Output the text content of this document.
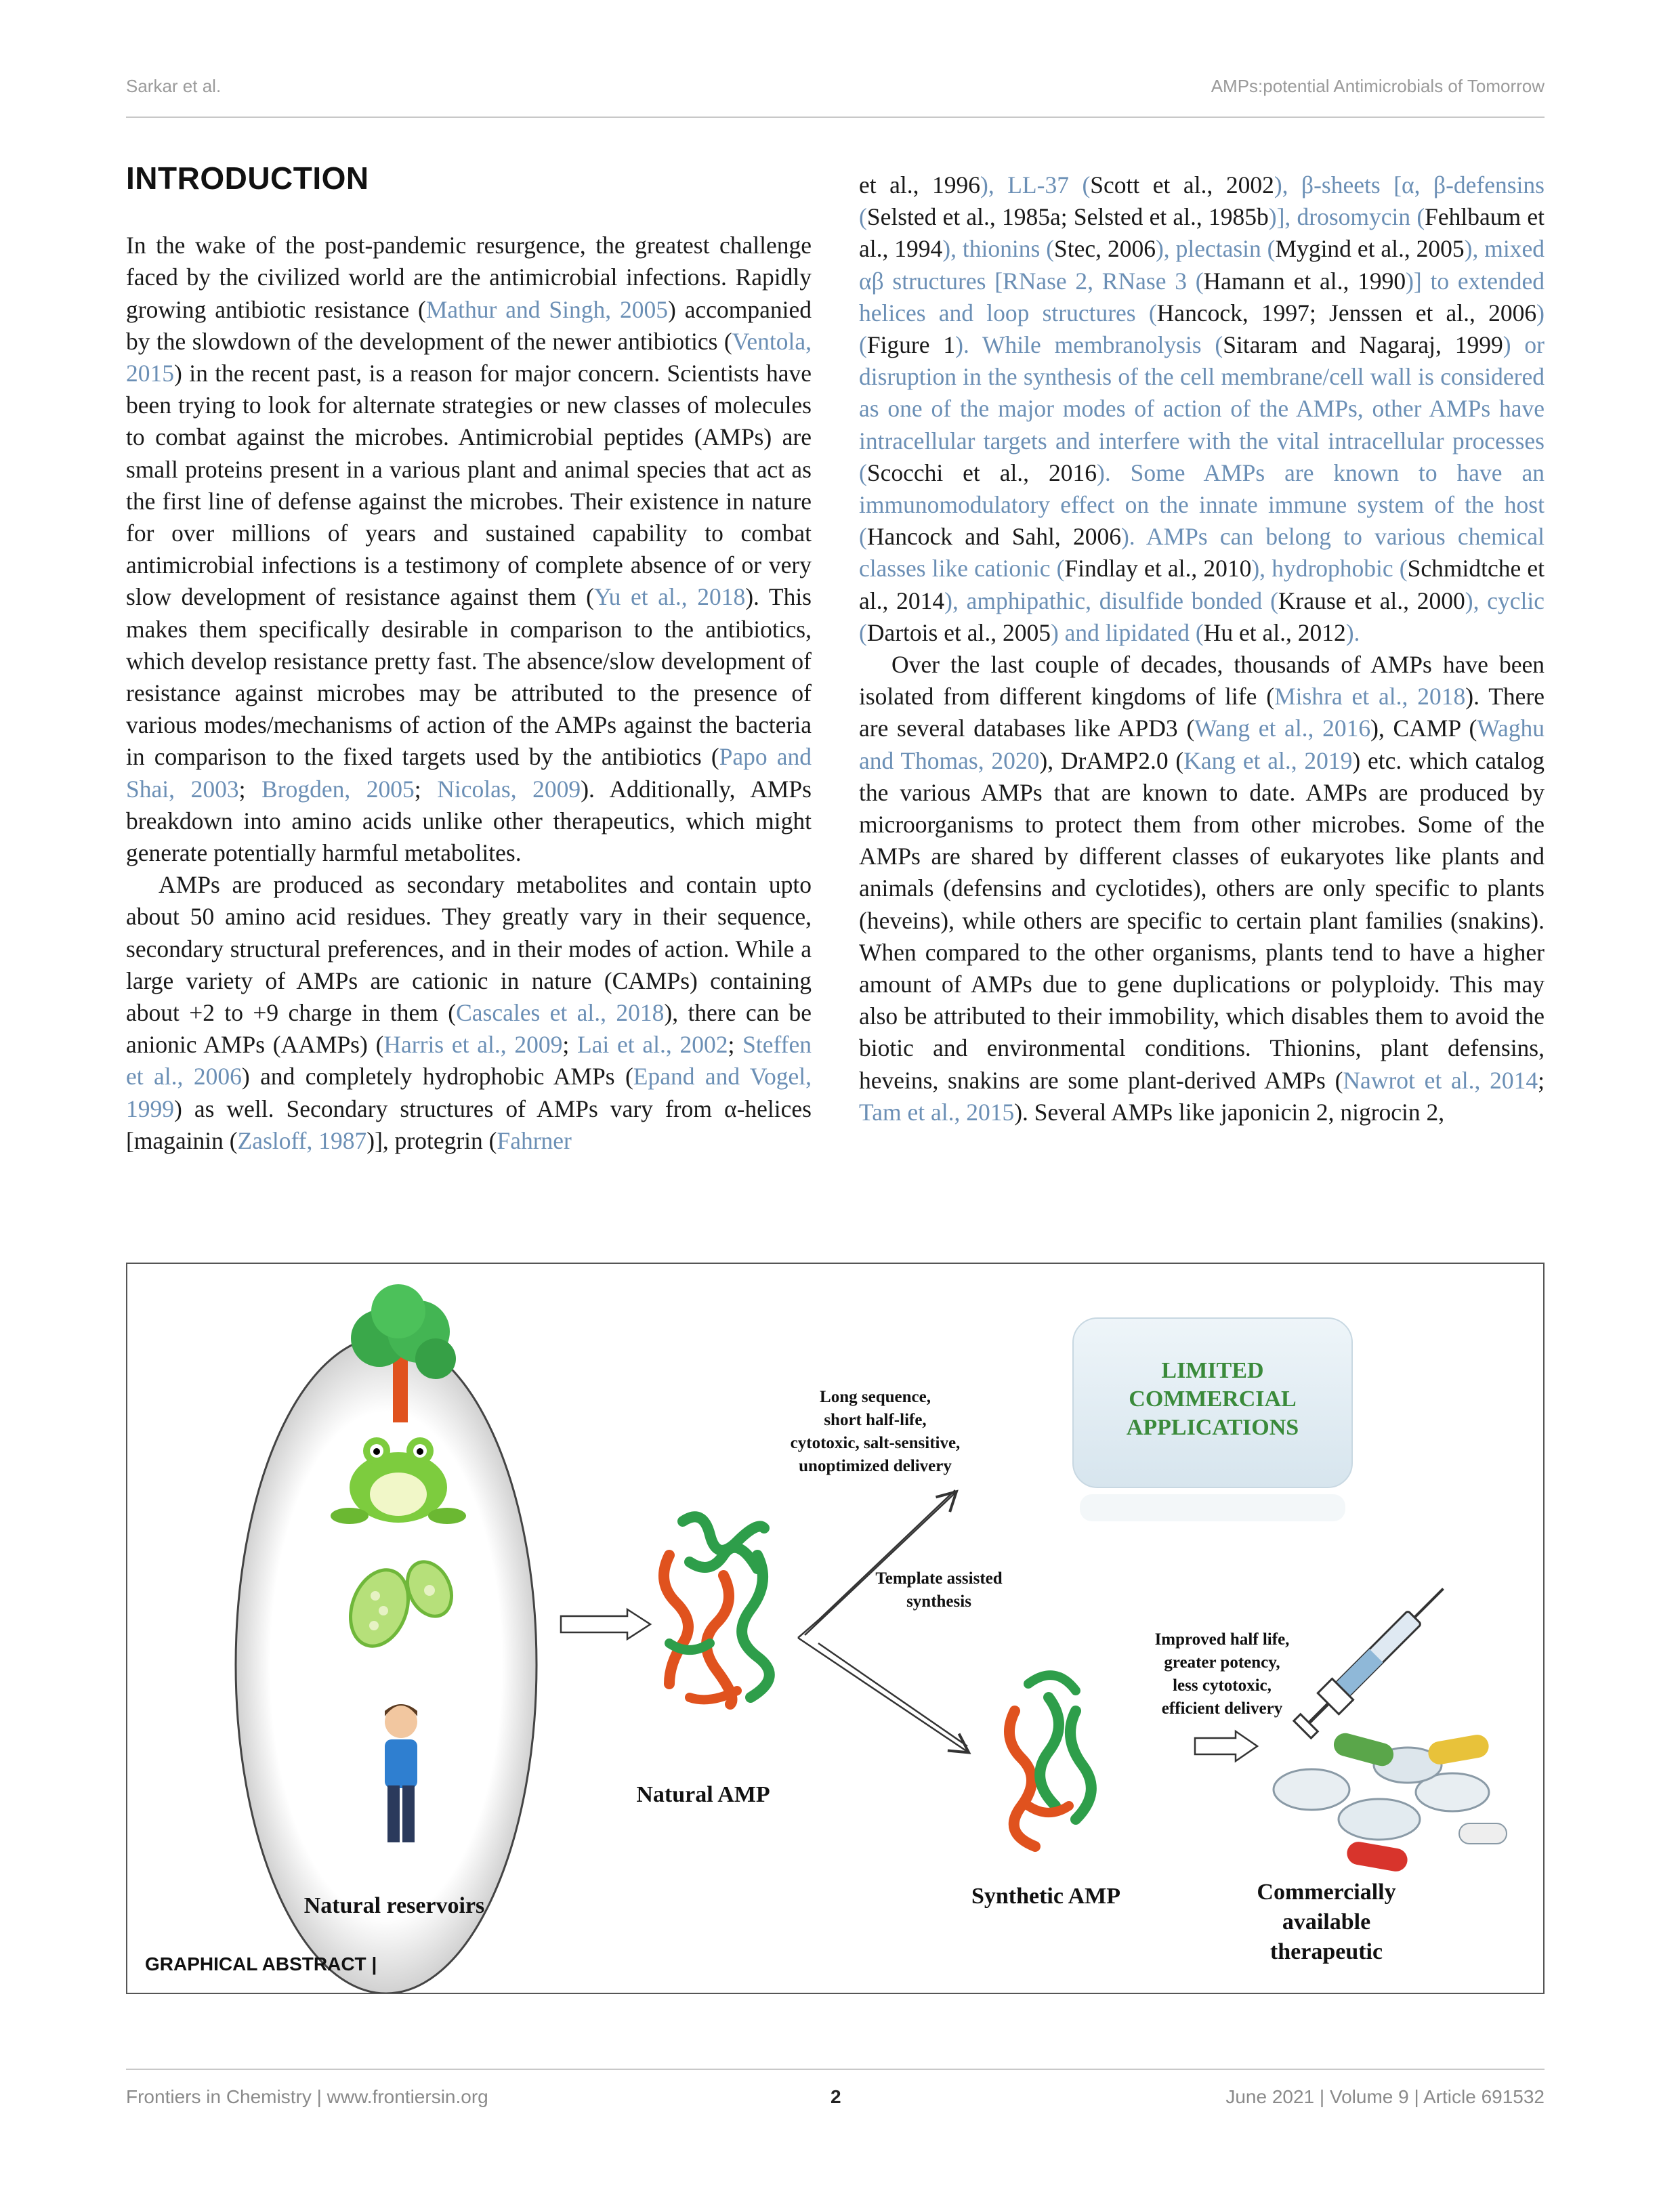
Sarkar et al.	AMPs:potential Antimicrobials of Tomorrow
INTRODUCTION

In the wake of the post-pandemic resurgence, the greatest challenge faced by the civilized world are the antimicrobial infections. Rapidly growing antibiotic resistance (Mathur and Singh, 2005) accompanied by the slowdown of the development of the newer antibiotics (Ventola, 2015) in the recent past, is a reason for major concern. Scientists have been trying to look for alternate strategies or new classes of molecules to combat against the microbes. Antimicrobial peptides (AMPs) are small proteins present in a various plant and animal species that act as the first line of defense against the microbes. Their existence in nature for over millions of years and sustained capability to combat antimicrobial infections is a testimony of complete absence of or very slow development of resistance against them (Yu et al., 2018). This makes them specifically desirable in comparison to the antibiotics, which develop resistance pretty fast. The absence/slow development of resistance against microbes may be attributed to the presence of various modes/mechanisms of action of the AMPs against the bacteria in comparison to the fixed targets used by the antibiotics (Papo and Shai, 2003; Brogden, 2005; Nicolas, 2009). Additionally, AMPs breakdown into amino acids unlike other therapeutics, which might generate potentially harmful metabolites.

AMPs are produced as secondary metabolites and contain upto about 50 amino acid residues. They greatly vary in their sequence, secondary structural preferences, and in their modes of action. While a large variety of AMPs are cationic in nature (CAMPs) containing about +2 to +9 charge in them (Cascales et al., 2018), there can be anionic AMPs (AAMPs) (Harris et al., 2009; Lai et al., 2002; Steffen et al., 2006) and completely hydrophobic AMPs (Epand and Vogel, 1999) as well. Secondary structures of AMPs vary from α-helices [magainin (Zasloff, 1987)], protegrin (Fahrner

et al., 1996), LL-37 (Scott et al., 2002), β-sheets [α, β-defensins (Selsted et al., 1985a; Selsted et al., 1985b)], drosomycin (Fehlbaum et al., 1994), thionins (Stec, 2006), plectasin (Mygind et al., 2005), mixed αβ structures [RNase 2, RNase 3 (Hamann et al., 1990)] to extended helices and loop structures (Hancock, 1997; Jenssen et al., 2006) (Figure 1). While membranolysis (Sitaram and Nagaraj, 1999) or disruption in the synthesis of the cell membrane/cell wall is considered as one of the major modes of action of the AMPs, other AMPs have intracellular targets and interfere with the vital intracellular processes (Scocchi et al., 2016). Some AMPs are known to have an immunomodulatory effect on the innate immune system of the host (Hancock and Sahl, 2006). AMPs can belong to various chemical classes like cationic (Findlay et al., 2010), hydrophobic (Schmidtche et al., 2014), amphipathic, disulfide bonded (Krause et al., 2000), cyclic (Dartois et al., 2005) and lipidated (Hu et al., 2012).

Over the last couple of decades, thousands of AMPs have been isolated from different kingdoms of life (Mishra et al., 2018). There are several databases like APD3 (Wang et al., 2016), CAMP (Waghu and Thomas, 2020), DrAMP2.0 (Kang et al., 2019) etc. which catalog the various AMPs that are known to date. AMPs are produced by microorganisms to protect them from other microbes. Some of the AMPs are shared by different classes of eukaryotes like plants and animals (defensins and cyclotides), others are only specific to plants (heveins), while others are specific to certain plant families (snakins). When compared to the other organisms, plants tend to have a higher amount of AMPs due to gene duplications or polyploidy. This may also be attributed to their immobility, which disables them to avoid the biotic and environmental conditions. Thionins, plant defensins, heveins, snakins are some plant-derived AMPs (Nawrot et al., 2014; Tam et al., 2015). Several AMPs like japonicin 2, nigrocin 2,

Natural reservoirs
Natural AMP
Long sequence,
short half-life,
cytotoxic, salt-sensitive,
unoptimized delivery
LIMITED
COMMERCIAL
APPLICATIONS
Template assisted
synthesis
Synthetic AMP
Improved half life,
greater potency,
less cytotoxic,
efficient delivery
Commercially
available
therapeutic
GRAPHICAL ABSTRACT |
Frontiers in Chemistry | www.frontiersin.org	2	June 2021 | Volume 9 | Article 691532
